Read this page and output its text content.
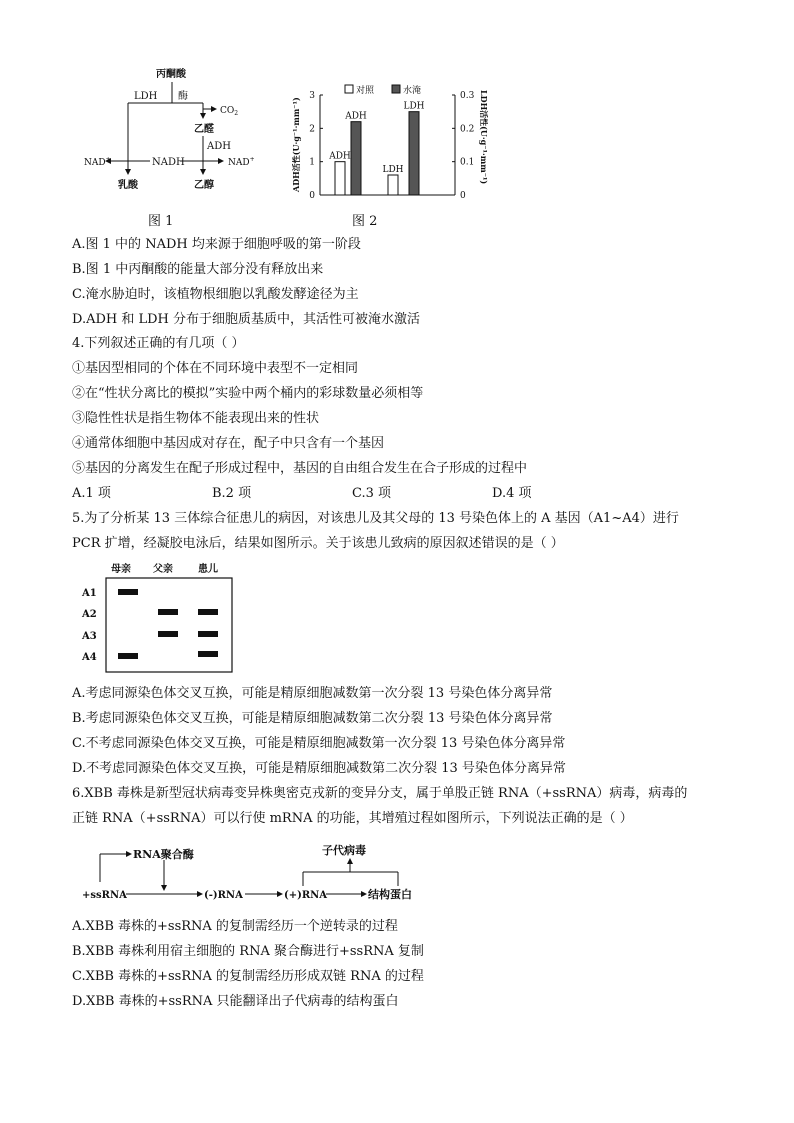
丙酮酸
LDH 酶
$CO_2$
乙醛
ADH
NADH
NAD+	NAD+
乳酸	乙醇
图 1
ADH活性(U·g⁻¹·mm⁻¹)	LDH活性(U·g⁻¹·mm⁻¹)
对照	水淹
3
2
1
0
0.3
0.2
0.1
0
ADH
ADH
LDH
LDH
图 2
A.图 1 中的 NADH 均来源于细胞呼吸的第一阶段
B.图 1 中丙酮酸的能量大部分没有释放出来
C.淹水胁迫时，该植物根细胞以乳酸发酵途径为主
D.ADH 和 LDH 分布于细胞质基质中，其活性可被淹水激活
4.下列叙述正确的有几项（ ）
①基因型相同的个体在不同环境中表型不一定相同
②在“性状分离比的模拟”实验中两个桶内的彩球数量必须相等
③隐性性状是指生物体不能表现出来的性状
④通常体细胞中基因成对存在，配子中只含有一个基因
⑤基因的分离发生在配子形成过程中，基因的自由组合发生在合子形成的过程中
A.1 项	B.2 项	C.3 项	D.4 项
5.为了分析某 13 三体综合征患儿的病因，对该患儿及其父母的 13 号染色体上的 A 基因（A1~A4）进行
PCR 扩增，经凝胶电泳后，结果如图所示。关于该患儿致病的原因叙述错误的是（ ）
母亲 父亲	患儿
A1
A2
A3
A4
A.考虑同源染色体交叉互换，可能是精原细胞减数第一次分裂 13 号染色体分离异常
B.考虑同源染色体交叉互换，可能是精原细胞减数第二次分裂 13 号染色体分离异常
C.不考虑同源染色体交叉互换，可能是精原细胞减数第一次分裂 13 号染色体分离异常
D.不考虑同源染色体交叉互换，可能是精原细胞减数第二次分裂 13 号染色体分离异常
6.XBB 毒株是新型冠状病毒变异株奥密克戎新的变异分支，属于单股正链 RNA（+ssRNA）病毒，病毒的
正链 RNA（+ssRNA）可以行使 mRNA 的功能，其增殖过程如图所示，下列说法正确的是（ ）
RNA聚合酶
+ssRNA	(-)RNA	(+)RNA	结构蛋白
子代病毒
A.XBB 毒株的+ssRNA 的复制需经历一个逆转录的过程
B.XBB 毒株利用宿主细胞的 RNA 聚合酶进行+ssRNA 复制
C.XBB 毒株的+ssRNA 的复制需经历形成双链 RNA 的过程
D.XBB 毒株的+ssRNA 只能翻译出子代病毒的结构蛋白
